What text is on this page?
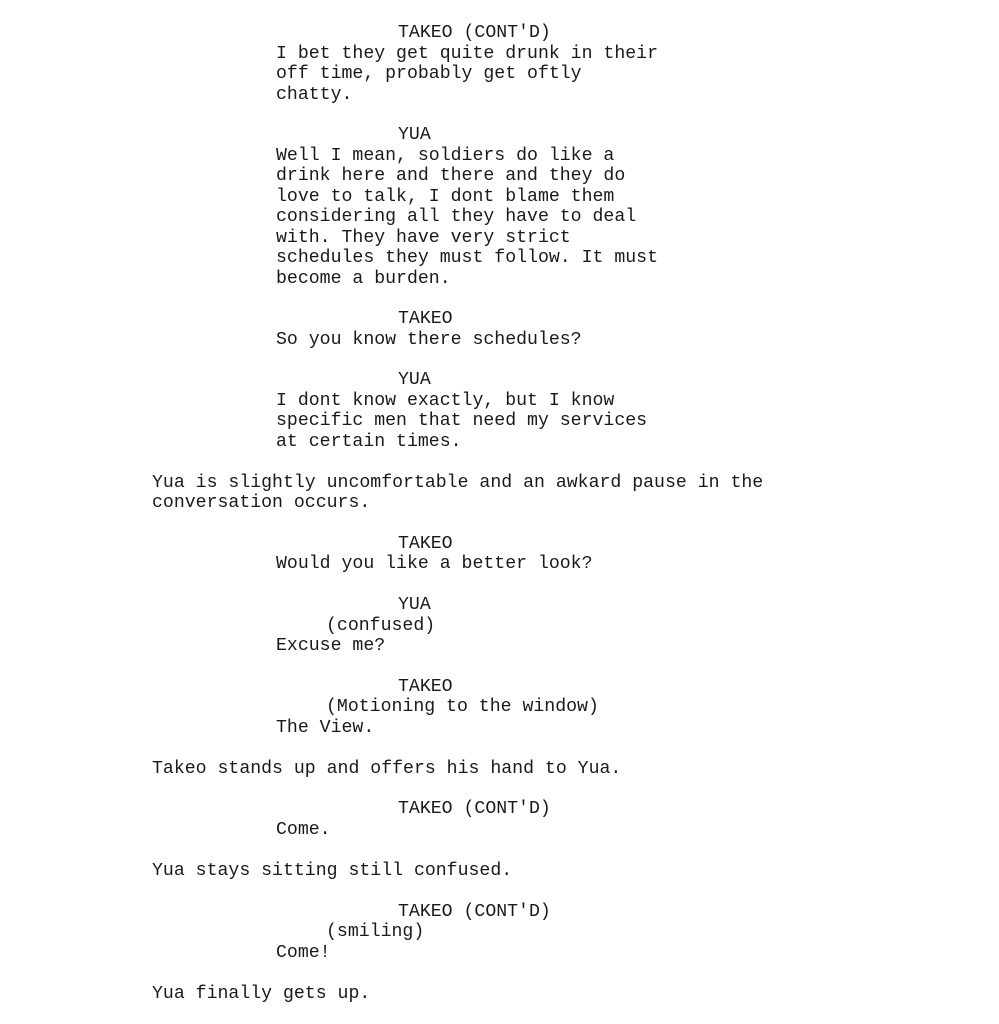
TAKEO (CONT'D)

I bet they get quite drunk in their

off time, probably get oftly

chatty.

YUA

Well I mean, soldiers do like a

drink here and there and they do

love to talk, I dont blame them

considering all they have to deal

with. They have very strict

schedules they must follow. It must

become a burden.

TAKEO

So you know there schedules?

YUA

I dont know exactly, but I know

specific men that need my services

at certain times.

Yua is slightly uncomfortable and an awkard pause in the

conversation occurs.

TAKEO

Would you like a better look?

YUA

(confused)

Excuse me?

TAKEO

(Motioning to the window)

The View.

Takeo stands up and offers his hand to Yua.

TAKEO (CONT'D)

Come.

Yua stays sitting still confused.

TAKEO (CONT'D)

(smiling)

Come!

Yua finally gets up.
